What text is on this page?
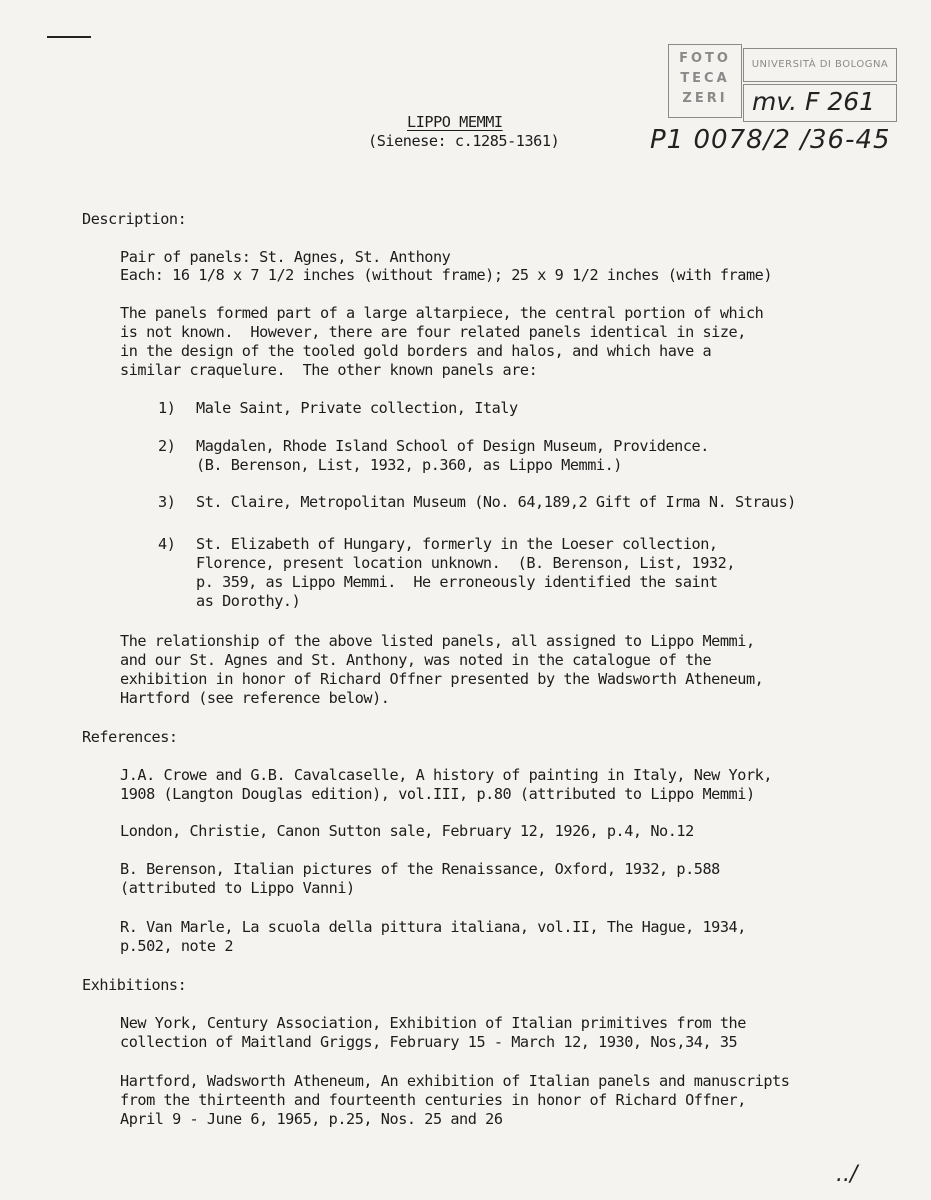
FOTO
TECA
ZERI
UNIVERSITÀ DI BOLOGNA
mv. F 261
P1 0078/2 /36-45
LIPPO MEMMI
(Sienese: c.1285-1361)
Description:
Pair of panels: St. Agnes, St. Anthony
Each: 16 1/8 x 7 1/2 inches (without frame); 25 x 9 1/2 inches (with frame)
The panels formed part of a large altarpiece, the central portion of which
is not known.  However, there are four related panels identical in size,
in the design of the tooled gold borders and halos, and which have a
similar craquelure.  The other known panels are:
1) Male Saint, Private collection, Italy
2) Magdalen, Rhode Island School of Design Museum, Providence.
(B. Berenson, List, 1932, p.360, as Lippo Memmi.)
3) St. Claire, Metropolitan Museum (No. 64,189,2 Gift of Irma N. Straus)
4) St. Elizabeth of Hungary, formerly in the Loeser collection,
Florence, present location unknown.  (B. Berenson, List, 1932,
p. 359, as Lippo Memmi.  He erroneously identified the saint
as Dorothy.)
The relationship of the above listed panels, all assigned to Lippo Memmi,
and our St. Agnes and St. Anthony, was noted in the catalogue of the
exhibition in honor of Richard Offner presented by the Wadsworth Atheneum,
Hartford (see reference below).
References:
J.A. Crowe and G.B. Cavalcaselle, A history of painting in Italy, New York,
1908 (Langton Douglas edition), vol.III, p.80 (attributed to Lippo Memmi)
London, Christie, Canon Sutton sale, February 12, 1926, p.4, No.12
B. Berenson, Italian pictures of the Renaissance, Oxford, 1932, p.588
(attributed to Lippo Vanni)
R. Van Marle, La scuola della pittura italiana, vol.II, The Hague, 1934,
p.502, note 2
Exhibitions:
New York, Century Association, Exhibition of Italian primitives from the
collection of Maitland Griggs, February 15 - March 12, 1930, Nos,34, 35
Hartford, Wadsworth Atheneum, An exhibition of Italian panels and manuscripts
from the thirteenth and fourteenth centuries in honor of Richard Offner,
April 9 - June 6, 1965, p.25, Nos. 25 and 26
../
